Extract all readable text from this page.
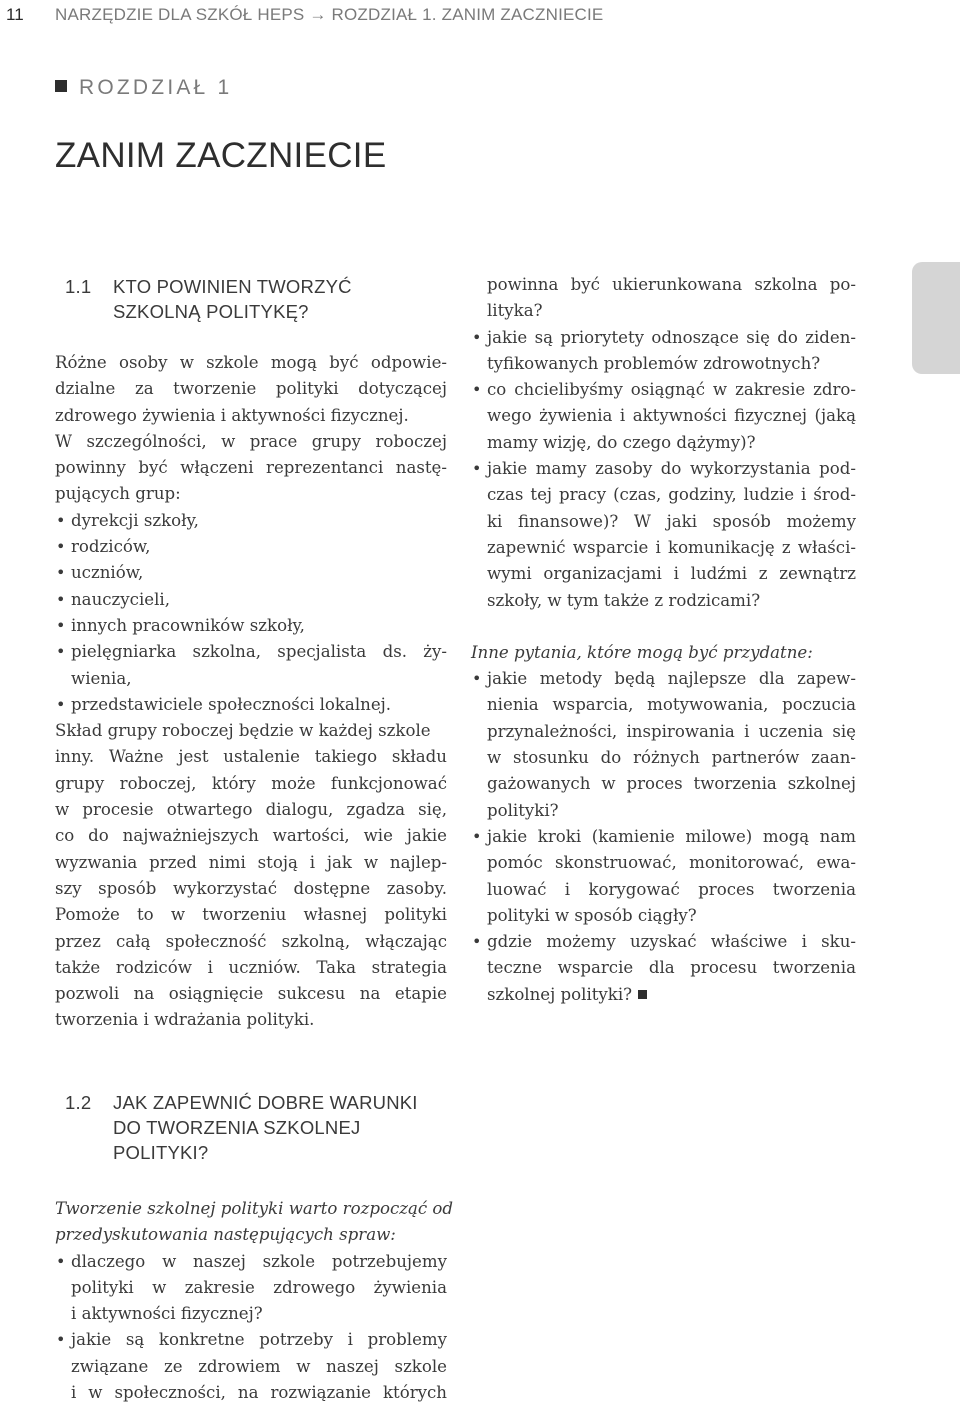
11 NARZĘDZIE DLA SZKÓŁ HEPS → ROZDZIAŁ 1. ZANIM ZACZNIECIE
ROZDZIAŁ 1
ZANIM ZACZNIECIE
1.1 KTO POWINIEN TWORZYĆ
SZKOLNĄ POLITYKĘ?
Różne osoby w szkole mogą być odpowie-
dzialne za tworzenie polityki dotyczącej
zdrowego żywienia i aktywności fizycznej.
W szczególności, w prace grupy roboczej
powinny być włączeni reprezentanci nastę-
pujących grup:
• dyrekcji szkoły,
• rodziców,
• uczniów,
• nauczycieli,
• innych pracowników szkoły,
• pielęgniarka szkolna, specjalista ds. ży-
wienia,
• przedstawiciele społeczności lokalnej.
Skład grupy roboczej będzie w każdej szkole
inny. Ważne jest ustalenie takiego składu
grupy roboczej, który może funkcjonować
w procesie otwartego dialogu, zgadza się,
co do najważniejszych wartości, wie jakie
wyzwania przed nimi stoją i jak w najlep-
szy sposób wykorzystać dostępne zasoby.
Pomoże to w tworzeniu własnej polityki
przez całą społeczność szkolną, włączając
także rodziców i uczniów. Taka strategia
pozwoli na osiągnięcie sukcesu na etapie
tworzenia i wdrażania polityki.
powinna być ukierunkowana szkolna po-
lityka?
• jakie są priorytety odnoszące się do ziden-
tyfikowanych problemów zdrowotnych?
• co chcielibyśmy osiągnąć w zakresie zdro-
wego żywienia i aktywności fizycznej (jaką
mamy wizję, do czego dążymy)?
• jakie mamy zasoby do wykorzystania pod-
czas tej pracy (czas, godziny, ludzie i środ-
ki finansowe)? W jaki sposób możemy
zapewnić wsparcie i komunikację z właści-
wymi organizacjami i ludźmi z zewnątrz
szkoły, w tym także z rodzicami?
Inne pytania, które mogą być przydatne:
• jakie metody będą najlepsze dla zapew-
nienia wsparcia, motywowania, poczucia
przynależności, inspirowania i uczenia się
w stosunku do różnych partnerów zaan-
gażowanych w proces tworzenia szkolnej
polityki?
• jakie kroki (kamienie milowe) mogą nam
pomóc skonstruować, monitorować, ewa-
luować i korygować proces tworzenia
polityki w sposób ciągły?
• gdzie możemy uzyskać właściwe i sku-
teczne wsparcie dla procesu tworzenia
szkolnej polityki?
1.2 JAK ZAPEWNIĆ DOBRE WARUNKI
DO TWORZENIA SZKOLNEJ
POLITYKI?
Tworzenie szkolnej polityki warto rozpocząć od
przedyskutowania następujących spraw:
• dlaczego w naszej szkole potrzebujemy
polityki w zakresie zdrowego żywienia
i aktywności fizycznej?
• jakie są konkretne potrzeby i problemy
związane ze zdrowiem w naszej szkole
i w społeczności, na rozwiązanie których
